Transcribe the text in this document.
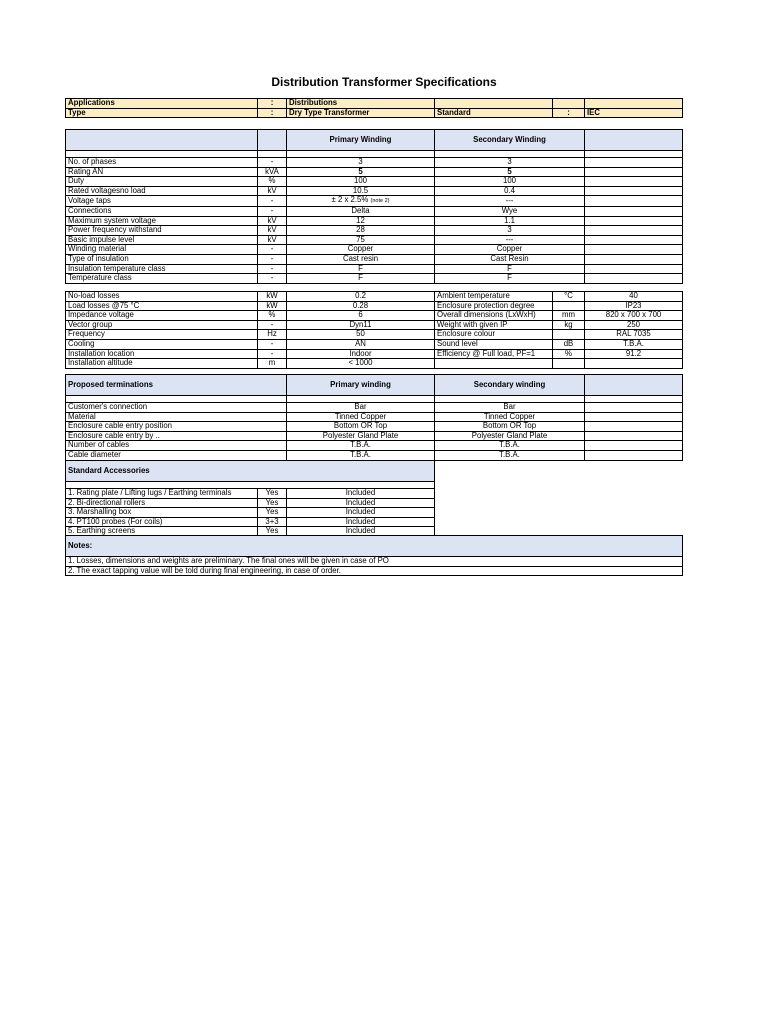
Distribution Transformer Specifications
Applications	:	Distributions			
Type	:	Dry Type Transformer	Standard	:	IEC
		Primary Winding	Secondary Winding	

No. of phases	-	3	3	
Rating AN	kVA	5	5	
Duty	%	100	100	
Rated voltagesno load	kV	10.5	0.4	
Voltage taps	-	± 2 x 2.5% (note 2)	---	
Connections	-	Delta	Wye	
Maximum system voltage	kV	12	1.1	
Power frequency withstand	kV	28	3	
Basic impulse level	kV	75	---	
Winding material	-	Copper	Copper	
Type of insulation	-	Cast resin	Cast Resin	
Insulation temperature class	-	F	F	
Temperature class	-	F	F	
No-load losses	kW	0.2	Ambient temperature	°C	40
Load losses @75 °C	kW	0.28	Enclosure protection degree		IP23
Impedance voltage	%	6	Overall dimensions (LxWxH)	mm	820 x 700 x 700
Vector group	-	Dyn11	Weight with given IP	kg	250
Frequency	Hz	50	Enclosure colour		RAL 7035
Cooling	-	AN	Sound level	dB	T.B.A.
Installation location	-	Indoor	Efficiency @ Full load, PF=1	%	91.2
Installation altitude	m	< 1000			
Proposed terminations	Primary winding	Secondary winding	

Customer's connection	Bar	Bar	
Material	Tinned Copper	Tinned Copper	
Enclosure cable entry position	Bottom OR Top	Bottom OR Top	
Enclosure cable entry by ..	Polyester Gland Plate	Polyester Gland Plate	
Number of cables	T.B.A.	T.B.A.	
Cable diameter	T.B.A.	T.B.A.	
Standard Accessories		

1. Rating plate / Lifting lugs / Earthing terminals	Yes	Included
2. Bi-directional rollers	Yes	Included
3. Marshalling box	Yes	Included
4. PT100 probes (For coils)	3+3	Included
5. Earthing screens	Yes	Included
Notes:
1. Losses, dimensions and weights are preliminary. The final ones will be given in case of PO
2. The exact tapping value will be told during final engineering, in case of order.
